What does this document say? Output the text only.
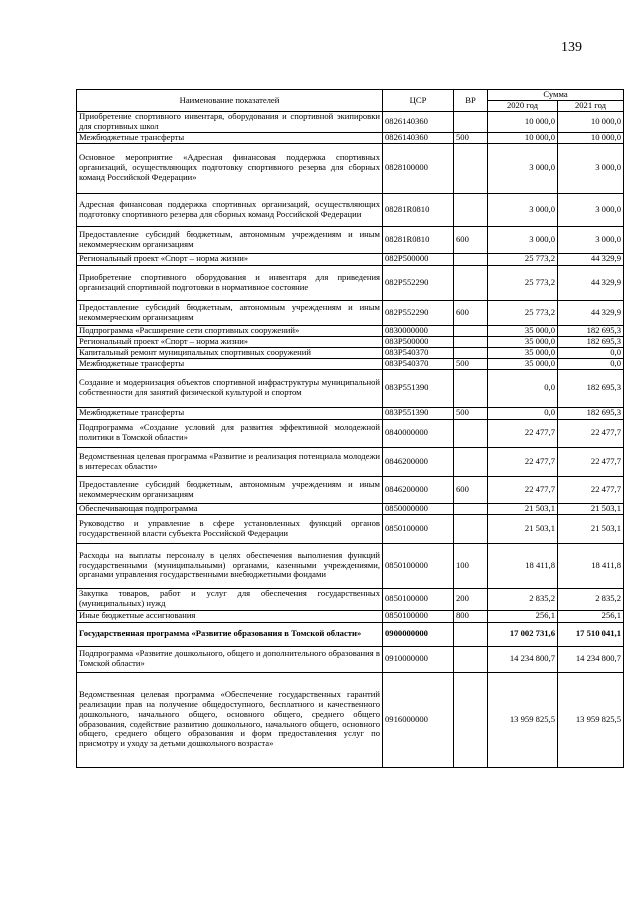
139
Наименование показателей	ЦСР	ВР	Сумма	
			2020 год	2021 год
Приобретение спортивного инвентаря, оборудования и спортивной экипировки для спортивных школ	0826140360		10 000,0	10 000,0
Межбюджетные трансферты	0826140360	500	10 000,0	10 000,0
Основное мероприятие «Адресная финансовая поддержка спортивных организаций, осуществляющих подготовку спортивного резерва для сборных команд Российской Федерации»	0828100000		3 000,0	3 000,0
Адресная финансовая поддержка спортивных организаций, осуществляющих подготовку спортивного резерва для сборных команд Российской Федерации	08281R0810		3 000,0	3 000,0
Предоставление субсидий бюджетным, автономным учреждениям и иным некоммерческим организациям	08281R0810	600	3 000,0	3 000,0
Региональный проект «Спорт – норма жизни»	082P500000		25 773,2	44 329,9
Приобретение спортивного оборудования и инвентаря для приведения организаций спортивной подготовки в нормативное состояние	082P552290		25 773,2	44 329,9
Предоставление субсидий бюджетным, автономным учреждениям и иным некоммерческим организациям	082P552290	600	25 773,2	44 329,9
Подпрограмма «Расширение сети спортивных сооружений»	0830000000		35 000,0	182 695,3
Региональный проект «Спорт – норма жизни»	083P500000		35 000,0	182 695,3
Капитальный ремонт муниципальных спортивных сооружений	083P540370		35 000,0	0,0
Межбюджетные трансферты	083P540370	500	35 000,0	0,0
Создание и модернизация объектов спортивной инфраструктуры муниципальной собственности для занятий физической культурой и спортом	083P551390		0,0	182 695,3
Межбюджетные трансферты	083P551390	500	0,0	182 695,3
Подпрограмма «Создание условий для развития эффективной молодежной политики в Томской области»	0840000000		22 477,7	22 477,7
Ведомственная целевая программа «Развитие и реализация потенциала молодежи в интересах области»	0846200000		22 477,7	22 477,7
Предоставление субсидий бюджетным, автономным учреждениям и иным некоммерческим организациям	0846200000	600	22 477,7	22 477,7
Обеспечивающая подпрограмма	0850000000		21 503,1	21 503,1
Руководство и управление в сфере установленных функций органов государственной власти субъекта Российской Федерации	0850100000		21 503,1	21 503,1
Расходы на выплаты персоналу в целях обеспечения выполнения функций государственными (муниципальными) органами, казенными учреждениями, органами управления государственными внебюджетными фондами	0850100000	100	18 411,8	18 411,8
Закупка товаров, работ и услуг для обеспечения государственных (муниципальных) нужд	0850100000	200	2 835,2	2 835,2
Иные бюджетные ассигнования	0850100000	800	256,1	256,1
Государственная программа «Развитие образования в Томской области»	0900000000		17 002 731,6	17 510 041,1
Подпрограмма «Развитие дошкольного, общего и дополнительного образования в Томской области»	0910000000		14 234 800,7	14 234 800,7
Ведомственная целевая программа «Обеспечение государственных гарантий реализации прав на получение общедоступного, бесплатного и качественного дошкольного, начального общего, основного общего, среднего общего образования, содействие развитию дошкольного, начального общего, основного общего, среднего общего образования и форм предоставления услуг по присмотру и уходу за детьми дошкольного возраста»	0916000000		13 959 825,5	13 959 825,5
